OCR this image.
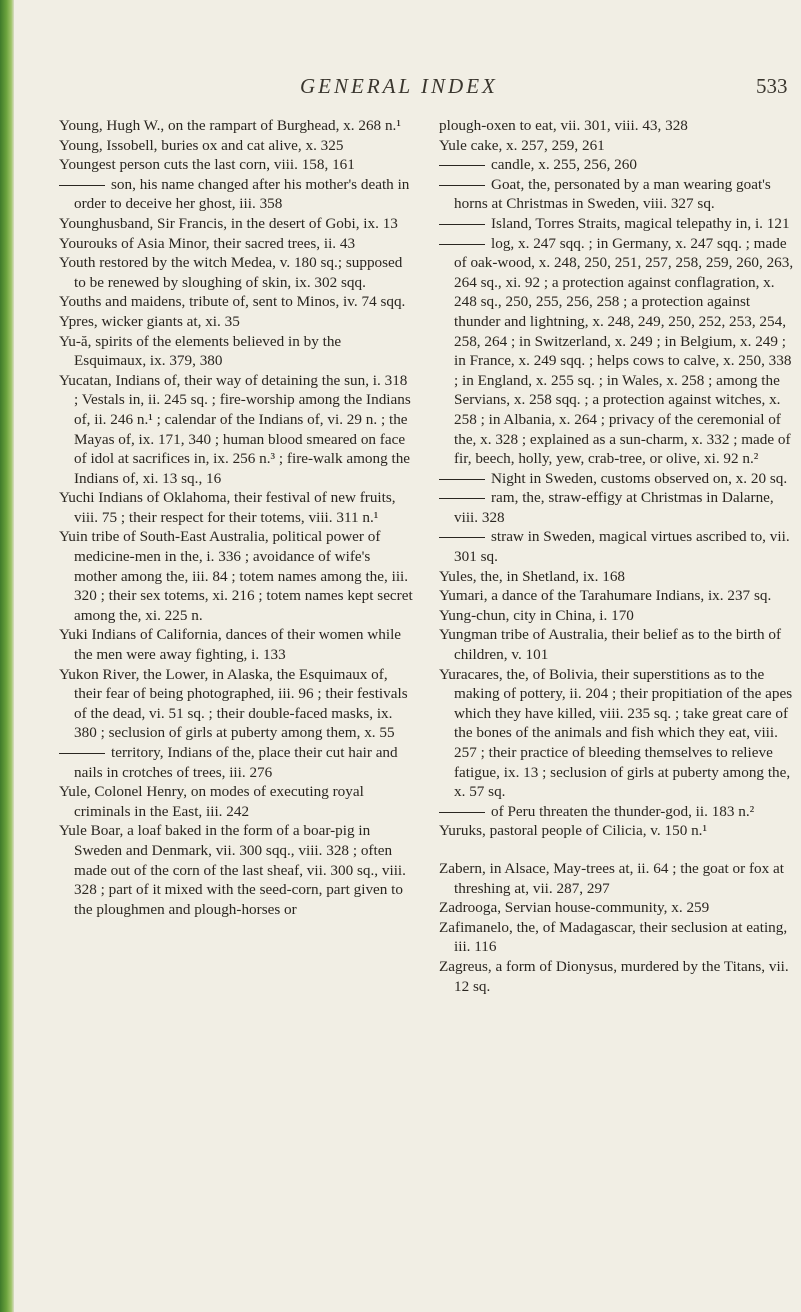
GENERAL INDEX	533

Young, Hugh W., on the rampart of Burghead, x. 268 n.¹

Young, Issobell, buries ox and cat alive, x. 325

Youngest person cuts the last corn, viii. 158, 161

son, his name changed after his mother's death in order to deceive her ghost, iii. 358

Younghusband, Sir Francis, in the desert of Gobi, ix. 13

Yourouks of Asia Minor, their sacred trees, ii. 43

Youth restored by the witch Medea, v. 180 sq.; supposed to be renewed by sloughing of skin, ix. 302 sqq.

Youths and maidens, tribute of, sent to Minos, iv. 74 sqq.

Ypres, wicker giants at, xi. 35

Yu-ă, spirits of the elements believed in by the Esquimaux, ix. 379, 380

Yucatan, Indians of, their way of detaining the sun, i. 318 ; Vestals in, ii. 245 sq. ; fire-worship among the Indians of, ii. 246 n.¹ ; calendar of the Indians of, vi. 29 n. ; the Mayas of, ix. 171, 340 ; human blood smeared on face of idol at sacrifices in, ix. 256 n.³ ; fire-walk among the Indians of, xi. 13 sq., 16

Yuchi Indians of Oklahoma, their festival of new fruits, viii. 75 ; their respect for their totems, viii. 311 n.¹

Yuin tribe of South-East Australia, political power of medicine-men in the, i. 336 ; avoidance of wife's mother among the, iii. 84 ; totem names among the, iii. 320 ; their sex totems, xi. 216 ; totem names kept secret among the, xi. 225 n.

Yuki Indians of California, dances of their women while the men were away fighting, i. 133

Yukon River, the Lower, in Alaska, the Esquimaux of, their fear of being photographed, iii. 96 ; their festivals of the dead, vi. 51 sq. ; their double-faced masks, ix. 380 ; seclusion of girls at puberty among them, x. 55

territory, Indians of the, place their cut hair and nails in crotches of trees, iii. 276

Yule, Colonel Henry, on modes of executing royal criminals in the East, iii. 242

Yule Boar, a loaf baked in the form of a boar-pig in Sweden and Denmark, vii. 300 sqq., viii. 328 ; often made out of the corn of the last sheaf, vii. 300 sq., viii. 328 ; part of it mixed with the seed-corn, part given to the ploughmen and plough-horses or

plough-oxen to eat, vii. 301, viii. 43, 328

Yule cake, x. 257, 259, 261

candle, x. 255, 256, 260

Goat, the, personated by a man wearing goat's horns at Christmas in Sweden, viii. 327 sq.

Island, Torres Straits, magical telepathy in, i. 121

log, x. 247 sqq. ; in Germany, x. 247 sqq. ; made of oak-wood, x. 248, 250, 251, 257, 258, 259, 260, 263, 264 sq., xi. 92 ; a protection against conflagration, x. 248 sq., 250, 255, 256, 258 ; a protection against thunder and lightning, x. 248, 249, 250, 252, 253, 254, 258, 264 ; in Switzerland, x. 249 ; in Belgium, x. 249 ; in France, x. 249 sqq. ; helps cows to calve, x. 250, 338 ; in England, x. 255 sq. ; in Wales, x. 258 ; among the Servians, x. 258 sqq. ; a protection against witches, x. 258 ; in Albania, x. 264 ; privacy of the ceremonial of the, x. 328 ; explained as a sun-charm, x. 332 ; made of fir, beech, holly, yew, crab-tree, or olive, xi. 92 n.²

Night in Sweden, customs observed on, x. 20 sq.

ram, the, straw-effigy at Christmas in Dalarne, viii. 328

straw in Sweden, magical virtues ascribed to, vii. 301 sq.

Yules, the, in Shetland, ix. 168

Yumari, a dance of the Tarahumare Indians, ix. 237 sq.

Yung-chun, city in China, i. 170

Yungman tribe of Australia, their belief as to the birth of children, v. 101

Yuracares, the, of Bolivia, their superstitions as to the making of pottery, ii. 204 ; their propitiation of the apes which they have killed, viii. 235 sq. ; take great care of the bones of the animals and fish which they eat, viii. 257 ; their practice of bleeding themselves to relieve fatigue, ix. 13 ; seclusion of girls at puberty among the, x. 57 sq.

of Peru threaten the thunder-god, ii. 183 n.²

Yuruks, pastoral people of Cilicia, v. 150 n.¹

Zabern, in Alsace, May-trees at, ii. 64 ; the goat or fox at threshing at, vii. 287, 297

Zadrooga, Servian house-community, x. 259

Zafimanelo, the, of Madagascar, their seclusion at eating, iii. 116

Zagreus, a form of Dionysus, murdered by the Titans, vii. 12 sq.
